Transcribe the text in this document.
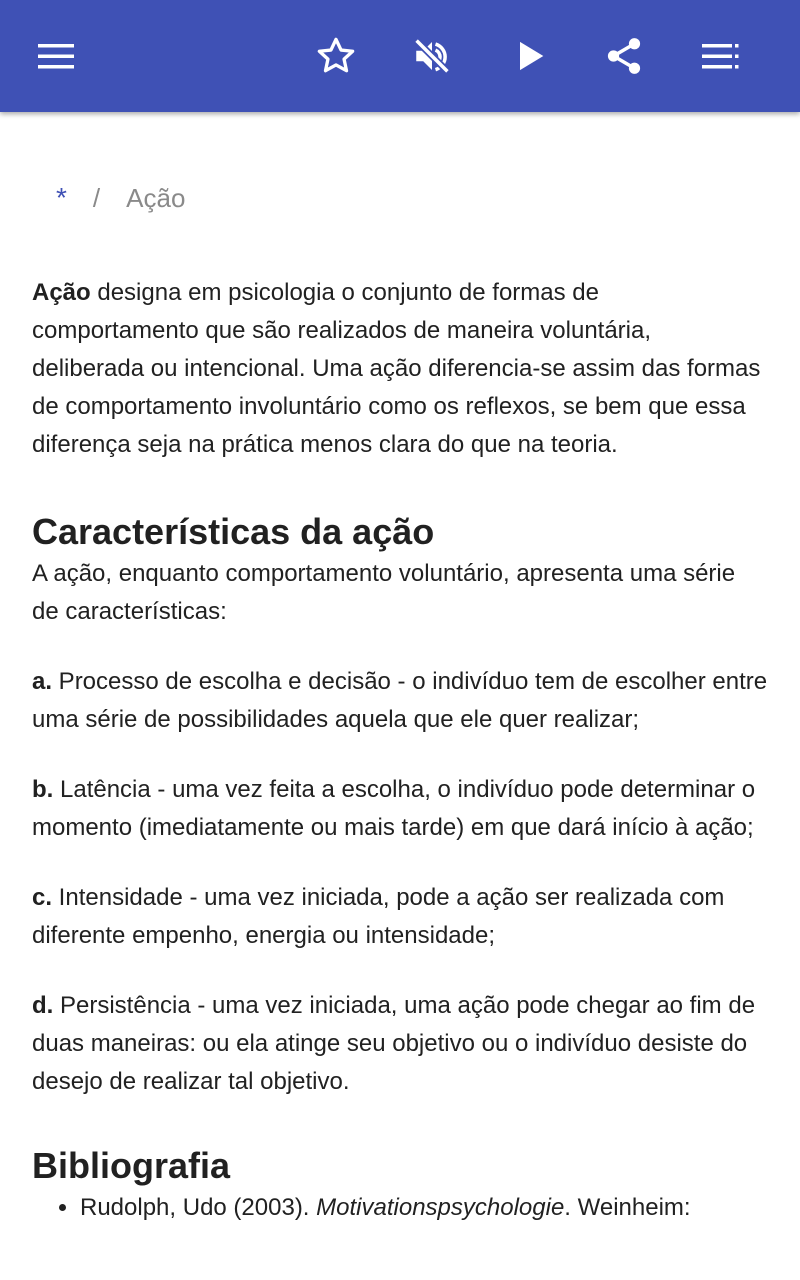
* / Ação

Ação designa em psicologia o conjunto de formas de comportamento que são realizados de maneira voluntária, deliberada ou intencional. Uma ação diferencia-se assim das formas de comportamento involuntário como os reflexos, se bem que essa diferença seja na prática menos clara do que na teoria.

Características da ação

A ação, enquanto comportamento voluntário, apresenta uma série de características:

a. Processo de escolha e decisão - o indivíduo tem de escolher entre uma série de possibilidades aquela que ele quer realizar;

b. Latência - uma vez feita a escolha, o indivíduo pode determinar o momento (imediatamente ou mais tarde) em que dará início à ação;

c. Intensidade - uma vez iniciada, pode a ação ser realizada com diferente empenho, energia ou intensidade;

d. Persistência - uma vez iniciada, uma ação pode chegar ao fim de duas maneiras: ou ela atinge seu objetivo ou o indivíduo desiste do desejo de realizar tal objetivo.

Bibliografia
• Rudolph, Udo (2003). Motivationspsychologie. Weinheim:
